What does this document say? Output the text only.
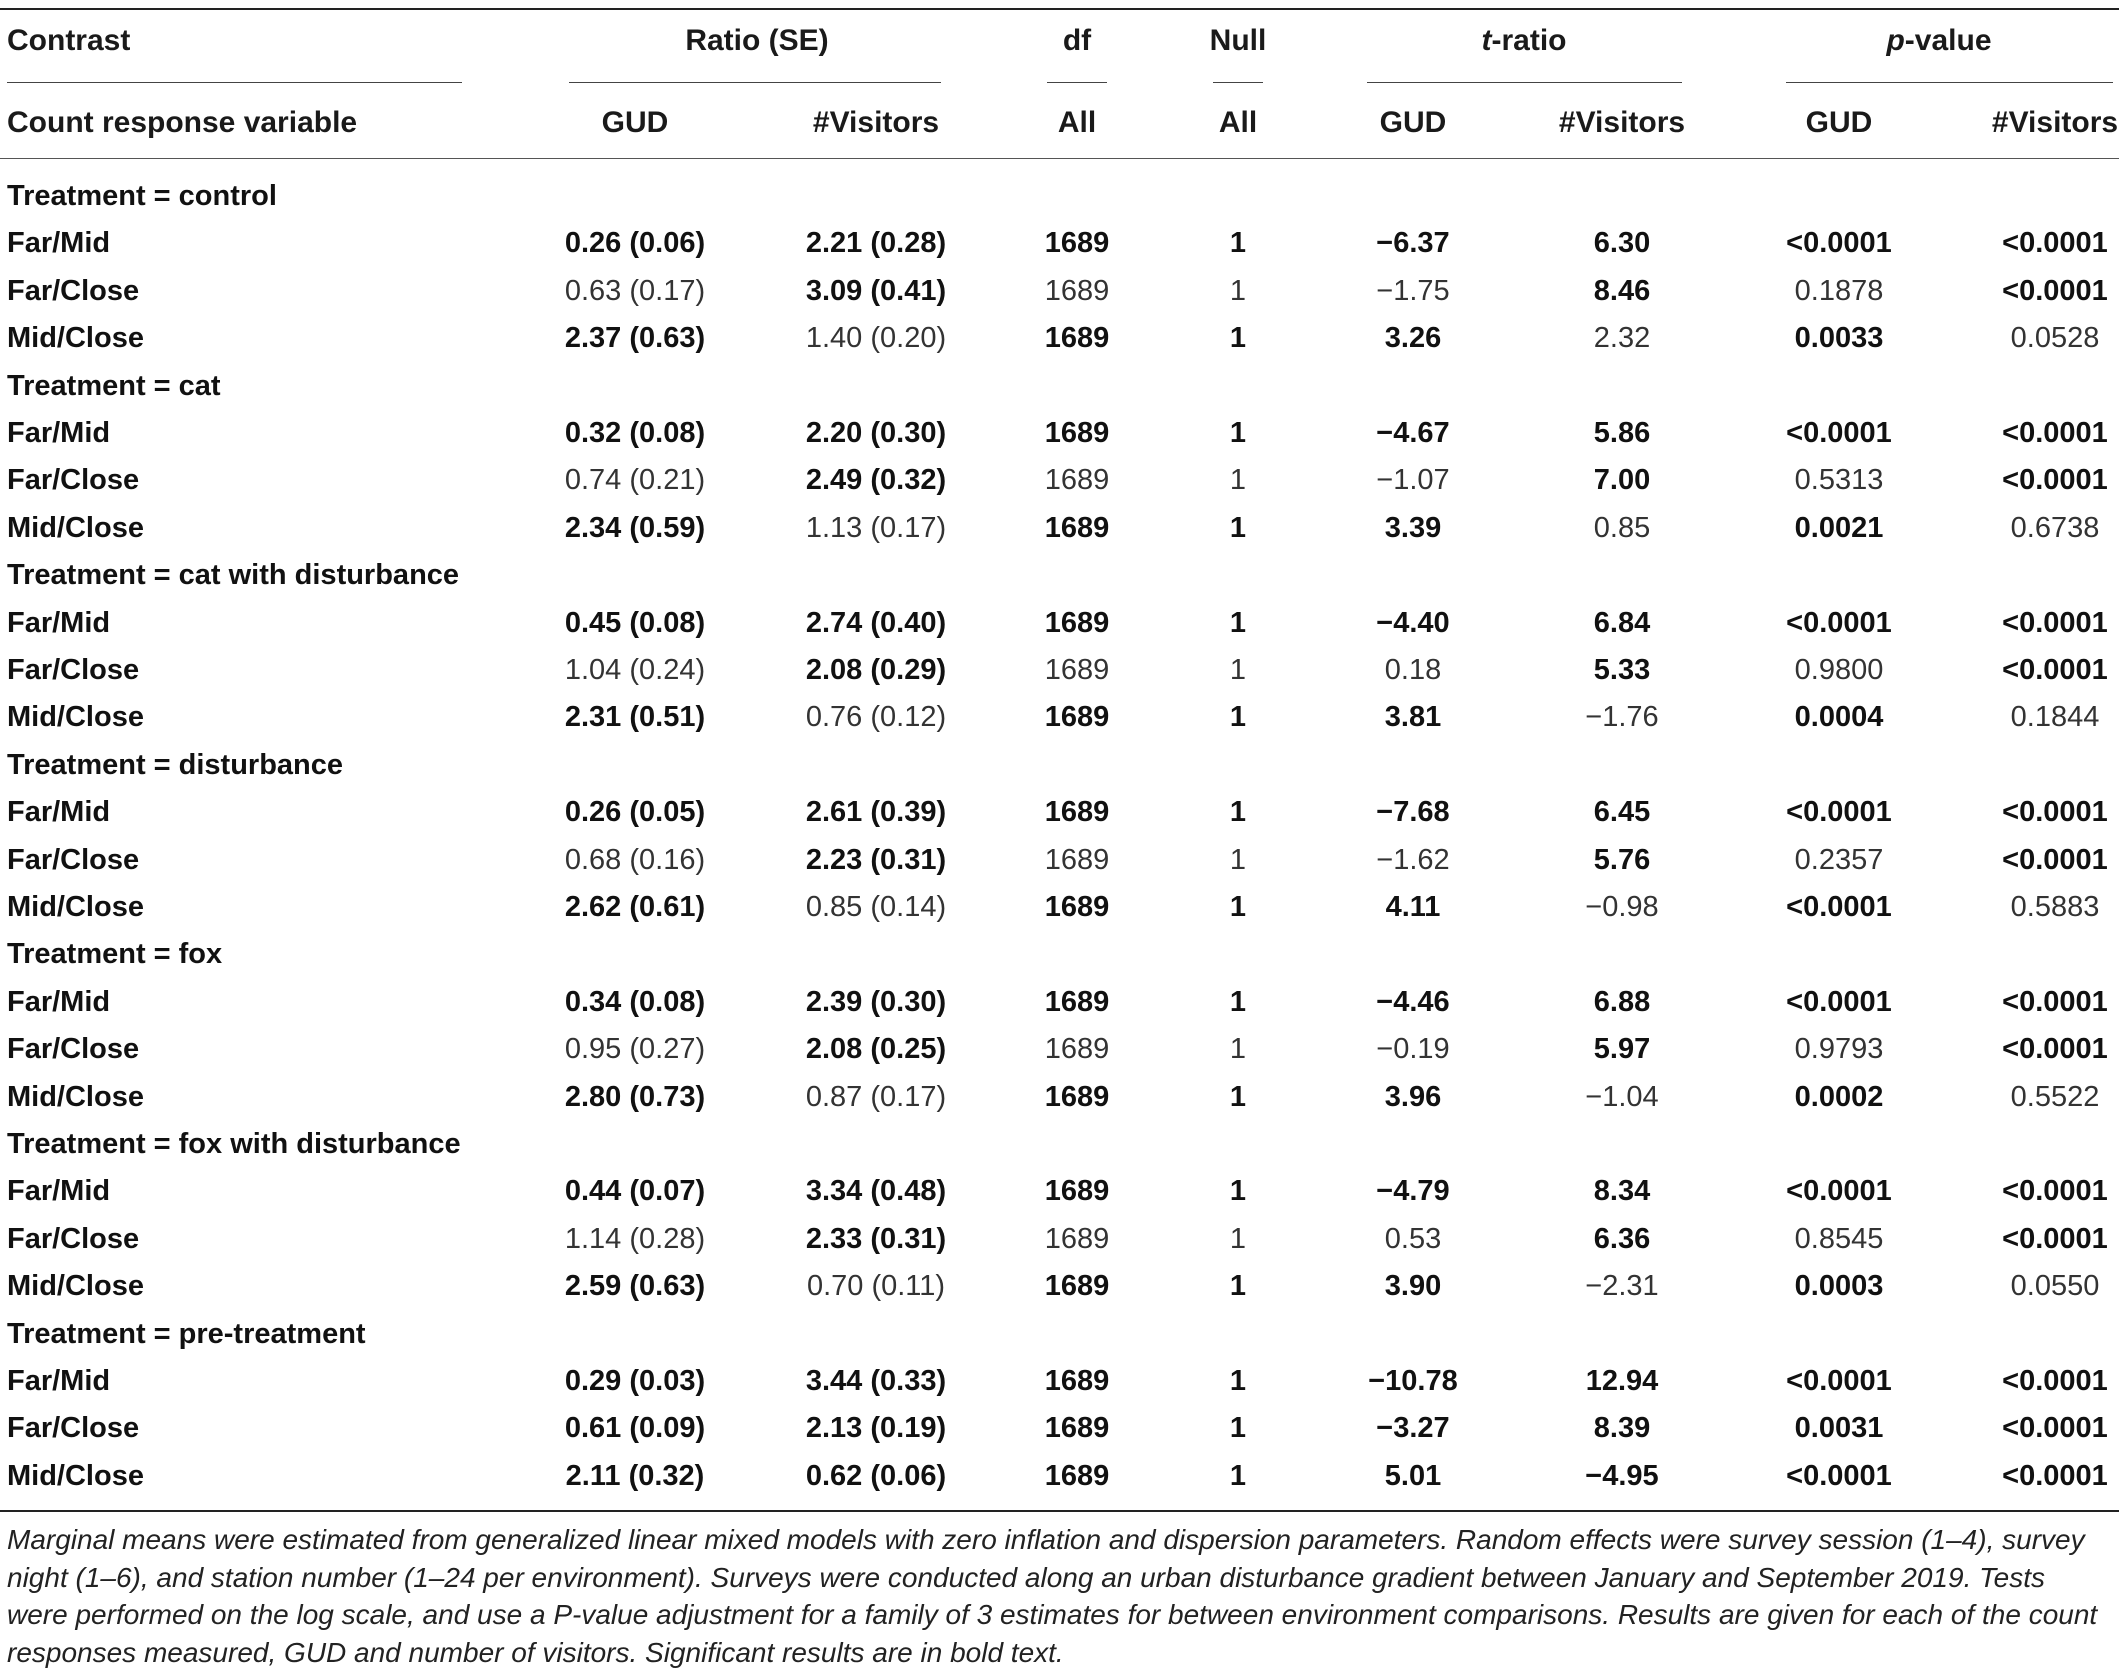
Contrast	Ratio (SE)	df	Null	t-ratio	p-value
Count response variable	GUD	#Visitors	All	All	GUD	#Visitors	GUD	#Visitors
Treatment = control
Far/Mid	0.26 (0.06)	2.21 (0.28)	1689	1	−6.37	6.30	<0.0001	<0.0001
Far/Close	0.63 (0.17)	3.09 (0.41)	1689	1	−1.75	8.46	0.1878	<0.0001
Mid/Close	2.37 (0.63)	1.40 (0.20)	1689	1	3.26	2.32	0.0033	0.0528
Treatment = cat
Far/Mid	0.32 (0.08)	2.20 (0.30)	1689	1	−4.67	5.86	<0.0001	<0.0001
Far/Close	0.74 (0.21)	2.49 (0.32)	1689	1	−1.07	7.00	0.5313	<0.0001
Mid/Close	2.34 (0.59)	1.13 (0.17)	1689	1	3.39	0.85	0.0021	0.6738
Treatment = cat with disturbance
Far/Mid	0.45 (0.08)	2.74 (0.40)	1689	1	−4.40	6.84	<0.0001	<0.0001
Far/Close	1.04 (0.24)	2.08 (0.29)	1689	1	0.18	5.33	0.9800	<0.0001
Mid/Close	2.31 (0.51)	0.76 (0.12)	1689	1	3.81	−1.76	0.0004	0.1844
Treatment = disturbance
Far/Mid	0.26 (0.05)	2.61 (0.39)	1689	1	−7.68	6.45	<0.0001	<0.0001
Far/Close	0.68 (0.16)	2.23 (0.31)	1689	1	−1.62	5.76	0.2357	<0.0001
Mid/Close	2.62 (0.61)	0.85 (0.14)	1689	1	4.11	−0.98	<0.0001	0.5883
Treatment = fox
Far/Mid	0.34 (0.08)	2.39 (0.30)	1689	1	−4.46	6.88	<0.0001	<0.0001
Far/Close	0.95 (0.27)	2.08 (0.25)	1689	1	−0.19	5.97	0.9793	<0.0001
Mid/Close	2.80 (0.73)	0.87 (0.17)	1689	1	3.96	−1.04	0.0002	0.5522
Treatment = fox with disturbance
Far/Mid	0.44 (0.07)	3.34 (0.48)	1689	1	−4.79	8.34	<0.0001	<0.0001
Far/Close	1.14 (0.28)	2.33 (0.31)	1689	1	0.53	6.36	0.8545	<0.0001
Mid/Close	2.59 (0.63)	0.70 (0.11)	1689	1	3.90	−2.31	0.0003	0.0550
Treatment = pre-treatment
Far/Mid	0.29 (0.03)	3.44 (0.33)	1689	1	−10.78	12.94	<0.0001	<0.0001
Far/Close	0.61 (0.09)	2.13 (0.19)	1689	1	−3.27	8.39	0.0031	<0.0001
Mid/Close	2.11 (0.32)	0.62 (0.06)	1689	1	5.01	−4.95	<0.0001	<0.0001
Marginal means were estimated from generalized linear mixed models with zero inflation and dispersion parameters. Random effects were survey session (1–4), survey night (1–6), and station number (1–24 per environment). Surveys were conducted along an urban disturbance gradient between January and September 2019. Tests were performed on the log scale, and use a P-value adjustment for a family of 3 estimates for between environment comparisons. Results are given for each of the count responses measured, GUD and number of visitors. Significant results are in bold text.
